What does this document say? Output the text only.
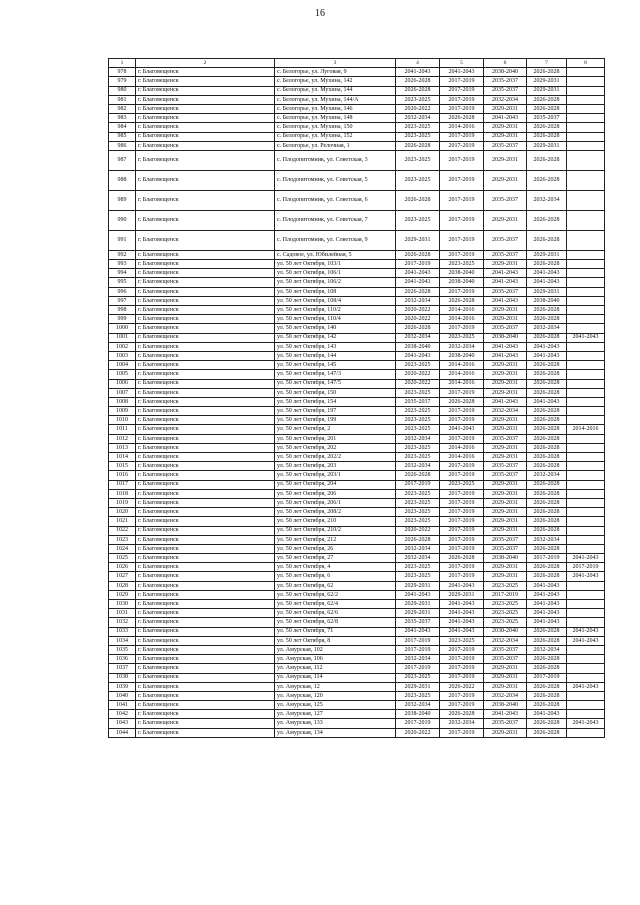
16
1	2	3	4	5	6	7	8
978	г. Благовещенск	с. Белогорье, ул. Луговая, 9	2041-2043	2041-2043	2038-2040	2026-2028	
979	г. Благовещенск	с. Белогорье, ул. Мухина, 142	2026-2028	2017-2019	2035-2037	2029-2031	
980	г. Благовещенск	с. Белогорье, ул. Мухина, 144	2026-2028	2017-2019	2035-2037	2029-2031	
981	г. Благовещенск	с. Белогорье, ул. Мухина, 144/А	2023-2025	2017-2019	2032-2034	2026-2028	
982	г. Благовещенск	с. Белогорье, ул. Мухина, 146	2020-2022	2017-2019	2029-2031	2026-2028	
983	г. Благовещенск	с. Белогорье, ул. Мухина, 148	2032-2034	2026-2028	2041-2043	2035-2037	
984	г. Благовещенск	с. Белогорье, ул. Мухина, 150	2023-2025	2014-2016	2029-2031	2026-2028	
985	г. Благовещенск	с. Белогорье, ул. Мухина, 152	2023-2025	2017-2019	2029-2031	2026-2028	
986	г. Благовещенск	с. Белогорье, ул. Релочная, 1	2026-2028	2017-2019	2035-2037	2029-2031	
987	г. Благовещенск	с. Плодопитомник, ул. Советская, 3	2023-2025	2017-2019	2029-2031	2026-2028	
988	г. Благовещенск	с. Плодопитомник, ул. Советская, 5	2023-2025	2017-2019	2029-2031	2026-2028	
989	г. Благовещенск	с. Плодопитомник, ул. Советская, 6	2026-2028	2017-2019	2035-2037	2032-2034	
990	г. Благовещенск	с. Плодопитомник, ул. Советская, 7	2023-2025	2017-2019	2029-2031	2026-2028	
991	г. Благовещенск	с. Плодопитомник, ул. Советская, 9	2029-2031	2017-2019	2035-2037	2026-2028	
992	г. Благовещенск	с. Садовое, ул. Юбилейная, 5	2026-2028	2017-2019	2035-2037	2029-2031	
993	г. Благовещенск	ул. 50 лет Октября, 103/1	2017-2019	2023-2025	2029-2031	2026-2028	
994	г. Благовещенск	ул. 50 лет Октября, 106/1	2041-2043	2038-2040	2041-2043	2041-2043	
995	г. Благовещенск	ул. 50 лет Октября, 106/2	2041-2043	2038-2040	2041-2043	2041-2043	
996	г. Благовещенск	ул. 50 лет Октября, 108	2026-2028	2017-2019	2035-2037	2029-2031	
997	г. Благовещенск	ул. 50 лет Октября, 108/4	2032-2034	2026-2028	2041-2043	2038-2040	
998	г. Благовещенск	ул. 50 лет Октября, 110/2	2020-2022	2014-2016	2029-2031	2026-2028	
999	г. Благовещенск	ул. 50 лет Октября, 110/4	2020-2022	2014-2016	2029-2031	2026-2028	
1000	г. Благовещенск	ул. 50 лет Октября, 140	2026-2028	2017-2019	2035-2037	2032-2034	
1001	г. Благовещенск	ул. 50 лет Октября, 142	2032-2034	2023-2025	2038-2040	2026-2028	2041-2043
1002	г. Благовещенск	ул. 50 лет Октября, 143	2038-2040	2032-2034	2041-2043	2041-2043	
1003	г. Благовещенск	ул. 50 лет Октября, 144	2041-2043	2038-2040	2041-2043	2041-2043	
1004	г. Благовещенск	ул. 50 лет Октября, 145	2023-2025	2014-2016	2029-2031	2026-2028	
1005	г. Благовещенск	ул. 50 лет Октября, 147/3	2020-2022	2014-2016	2029-2031	2026-2028	
1006	г. Благовещенск	ул. 50 лет Октября, 147/5	2020-2022	2014-2016	2029-2031	2026-2028	
1007	г. Благовещенск	ул. 50 лет Октября, 150	2023-2025	2017-2019	2029-2031	2026-2028	
1008	г. Благовещенск	ул. 50 лет Октября, 154	2035-2037	2026-2028	2041-2043	2041-2043	
1009	г. Благовещенск	ул. 50 лет Октября, 197	2023-2025	2017-2019	2032-2034	2026-2028	
1010	г. Благовещенск	ул. 50 лет Октября, 199	2023-2025	2017-2019	2029-2031	2026-2028	
1011	г. Благовещенск	ул. 50 лет Октября, 2	2023-2025	2041-2043	2029-2031	2026-2028	2014-2016
1012	г. Благовещенск	ул. 50 лет Октября, 201	2032-2034	2017-2019	2035-2037	2026-2028	
1013	г. Благовещенск	ул. 50 лет Октября, 202	2023-2025	2014-2016	2029-2031	2026-2028	
1014	г. Благовещенск	ул. 50 лет Октября, 202/2	2023-2025	2014-2016	2029-2031	2026-2028	
1015	г. Благовещенск	ул. 50 лет Октября, 203	2032-2034	2017-2019	2035-2037	2026-2028	
1016	г. Благовещенск	ул. 50 лет Октября, 203/1	2026-2028	2017-2019	2035-2037	2032-2034	
1017	г. Благовещенск	ул. 50 лет Октября, 204	2017-2019	2023-2025	2029-2031	2026-2028	
1018	г. Благовещенск	ул. 50 лет Октября, 206	2023-2025	2017-2019	2029-2031	2026-2028	
1019	г. Благовещенск	ул. 50 лет Октября, 206/1	2023-2025	2017-2019	2029-2031	2026-2028	
1020	г. Благовещенск	ул. 50 лет Октября, 208/2	2023-2025	2017-2019	2029-2031	2026-2028	
1021	г. Благовещенск	ул. 50 лет Октября, 210	2023-2025	2017-2019	2029-2031	2026-2028	
1022	г. Благовещенск	ул. 50 лет Октября, 210/2	2020-2022	2017-2019	2029-2031	2026-2028	
1023	г. Благовещенск	ул. 50 лет Октября, 212	2026-2028	2017-2019	2035-2037	2032-2034	
1024	г. Благовещенск	ул. 50 лет Октября, 26	2032-2034	2017-2019	2035-2037	2026-2028	
1025	г. Благовещенск	ул. 50 лет Октября, 27	2032-2034	2026-2028	2038-2040	2017-2019	2041-2043
1026	г. Благовещенск	ул. 50 лет Октября, 4	2023-2025	2017-2019	2029-2031	2026-2028	2017-2019
1027	г. Благовещенск	ул. 50 лет Октября, 6	2023-2025	2017-2019	2029-2031	2026-2028	2041-2043
1028	г. Благовещенск	ул. 50 лет Октября, 62	2029-2031	2041-2043	2023-2025	2041-2043	
1029	г. Благовещенск	ул. 50 лет Октября, 62/2	2041-2043	2029-2031	2017-2019	2041-2043	
1030	г. Благовещенск	ул. 50 лет Октября, 62/4	2029-2031	2041-2043	2023-2025	2041-2043	
1031	г. Благовещенск	ул. 50 лет Октября, 62/6	2029-2031	2041-2043	2023-2025	2041-2043	
1032	г. Благовещенск	ул. 50 лет Октября, 62/8	2035-2037	2041-2043	2023-2025	2041-2043	
1033	г. Благовещенск	ул. 50 лет Октября, 71	2041-2043	2041-2043	2038-2040	2026-2028	2041-2043
1034	г. Благовещенск	ул. 50 лет Октября, 8	2017-2019	2023-2025	2032-2034	2026-2028	2041-2043
1035	г. Благовещенск	ул. Амурская, 102	2017-2019	2017-2019	2035-2037	2032-2034	
1036	г. Благовещенск	ул. Амурская, 106	2032-2034	2017-2019	2035-2037	2026-2028	
1037	г. Благовещенск	ул. Амурская, 112	2017-2019	2017-2019	2029-2031	2026-2028	
1038	г. Благовещенск	ул. Амурская, 114	2023-2025	2017-2019	2029-2031	2017-2019	
1039	г. Благовещенск	ул. Амурская, 12	2029-2031	2026-2022	2029-2031	2026-2028	2041-2043
1040	г. Благовещенск	ул. Амурская, 120	2023-2025	2017-2019	2032-2034	2026-2028	
1041	г. Благовещенск	ул. Амурская, 125	2032-2034	2017-2019	2038-2040	2026-2028	
1042	г. Благовещенск	ул. Амурская, 127	2038-2040	2026-2028	2041-2043	2041-2043	
1043	г. Благовещенск	ул. Амурская, 133	2017-2019	2032-2034	2035-2037	2026-2028	2041-2043
1044	г. Благовещенск	ул. Амурская, 134	2020-2022	2017-2019	2029-2031	2026-2028	
